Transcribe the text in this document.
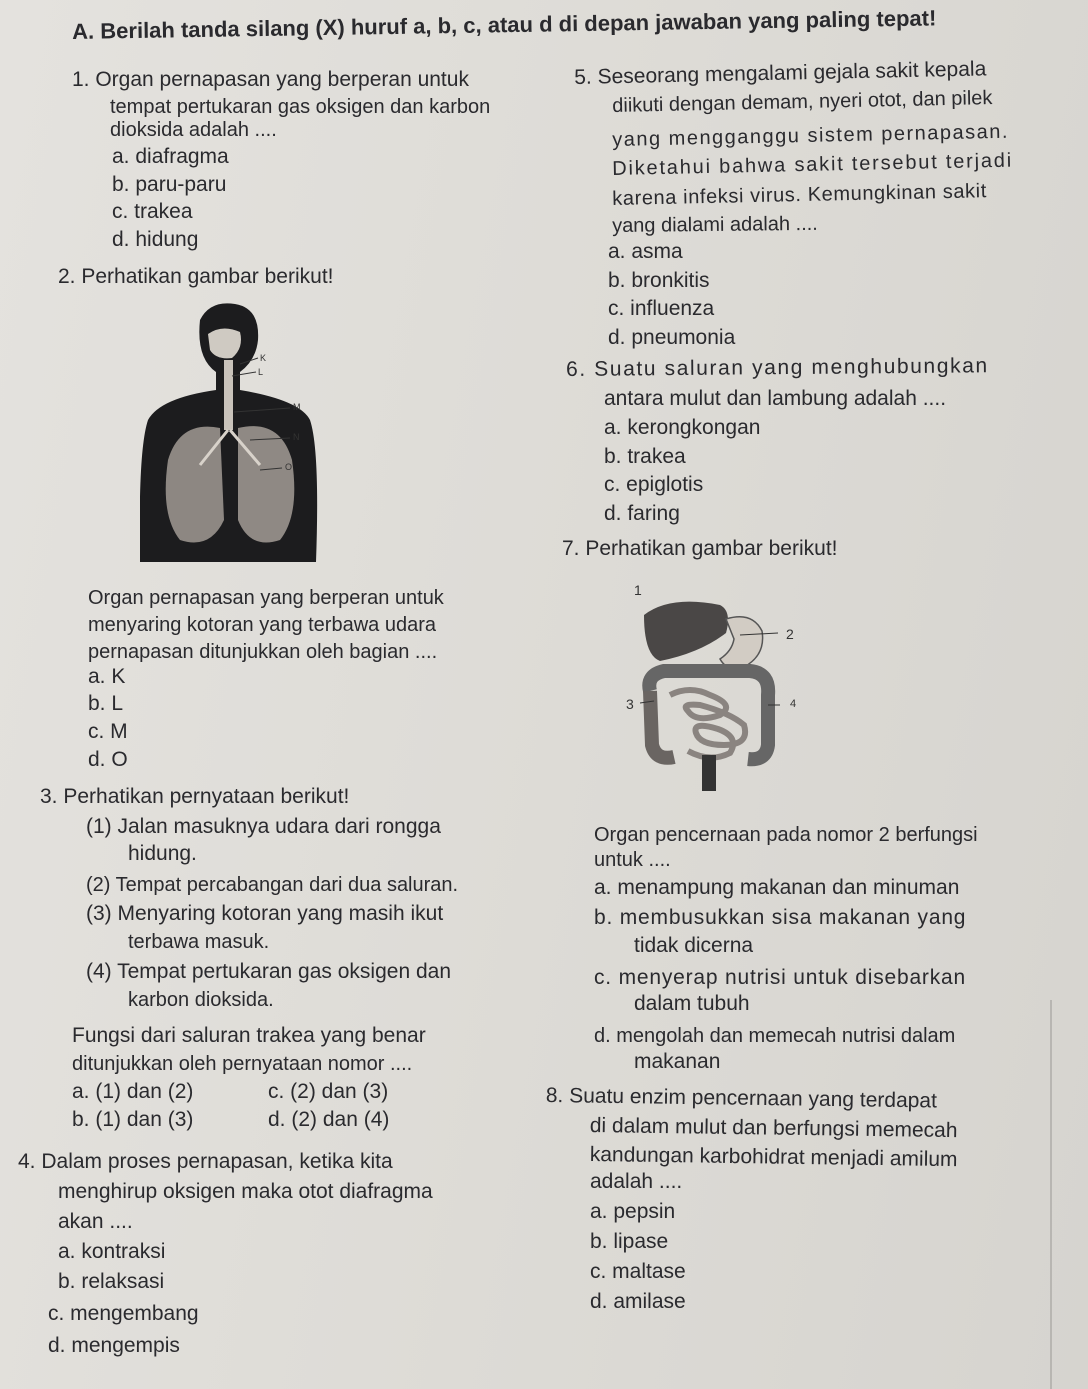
A. Berilah tanda silang (X) huruf a, b, c, atau d di depan jawaban yang paling tepat!
1. Organ pernapasan yang berperan untuk
tempat pertukaran gas oksigen dan karbon
dioksida adalah ....
a. diafragma
b. paru-paru
c. trakea
d. hidung
2. Perhatikan gambar berikut!
K
L
M
N
O
Organ pernapasan yang berperan untuk
menyaring kotoran yang terbawa udara
pernapasan ditunjukkan oleh bagian ....
a. K
b. L
c. M
d. O
3. Perhatikan pernyataan berikut!
(1) Jalan masuknya udara dari rongga
hidung.
(2) Tempat percabangan dari dua saluran.
(3) Menyaring kotoran yang masih ikut
terbawa masuk.
(4) Tempat pertukaran gas oksigen dan
karbon dioksida.
Fungsi dari saluran trakea yang benar
ditunjukkan oleh pernyataan nomor ....
a. (1) dan (2)	c. (2) dan (3)
b. (1) dan (3)	d. (2) dan (4)
4. Dalam proses pernapasan, ketika kita
menghirup oksigen maka otot diafragma
akan ....
a. kontraksi
b. relaksasi
c. mengembang
d. mengempis
5. Seseorang mengalami gejala sakit kepala
diikuti dengan demam, nyeri otot, dan pilek
yang mengganggu sistem pernapasan.
Diketahui bahwa sakit tersebut terjadi
karena infeksi virus. Kemungkinan sakit
yang dialami adalah ....
a. asma
b. bronkitis
c. influenza
d. pneumonia
6. Suatu saluran yang menghubungkan
antara mulut dan lambung adalah ....
a. kerongkongan
b. trakea
c. epiglotis
d. faring
7. Perhatikan gambar berikut!
1
2
3	4
Organ pencernaan pada nomor 2 berfungsi
untuk ....
a. menampung makanan dan minuman
b. membusukkan sisa makanan yang
tidak dicerna
c. menyerap nutrisi untuk disebarkan
dalam tubuh
d. mengolah dan memecah nutrisi dalam
makanan
8. Suatu enzim pencernaan yang terdapat
di dalam mulut dan berfungsi memecah
kandungan karbohidrat menjadi amilum
adalah ....
a. pepsin
b. lipase
c. maltase
d. amilase
